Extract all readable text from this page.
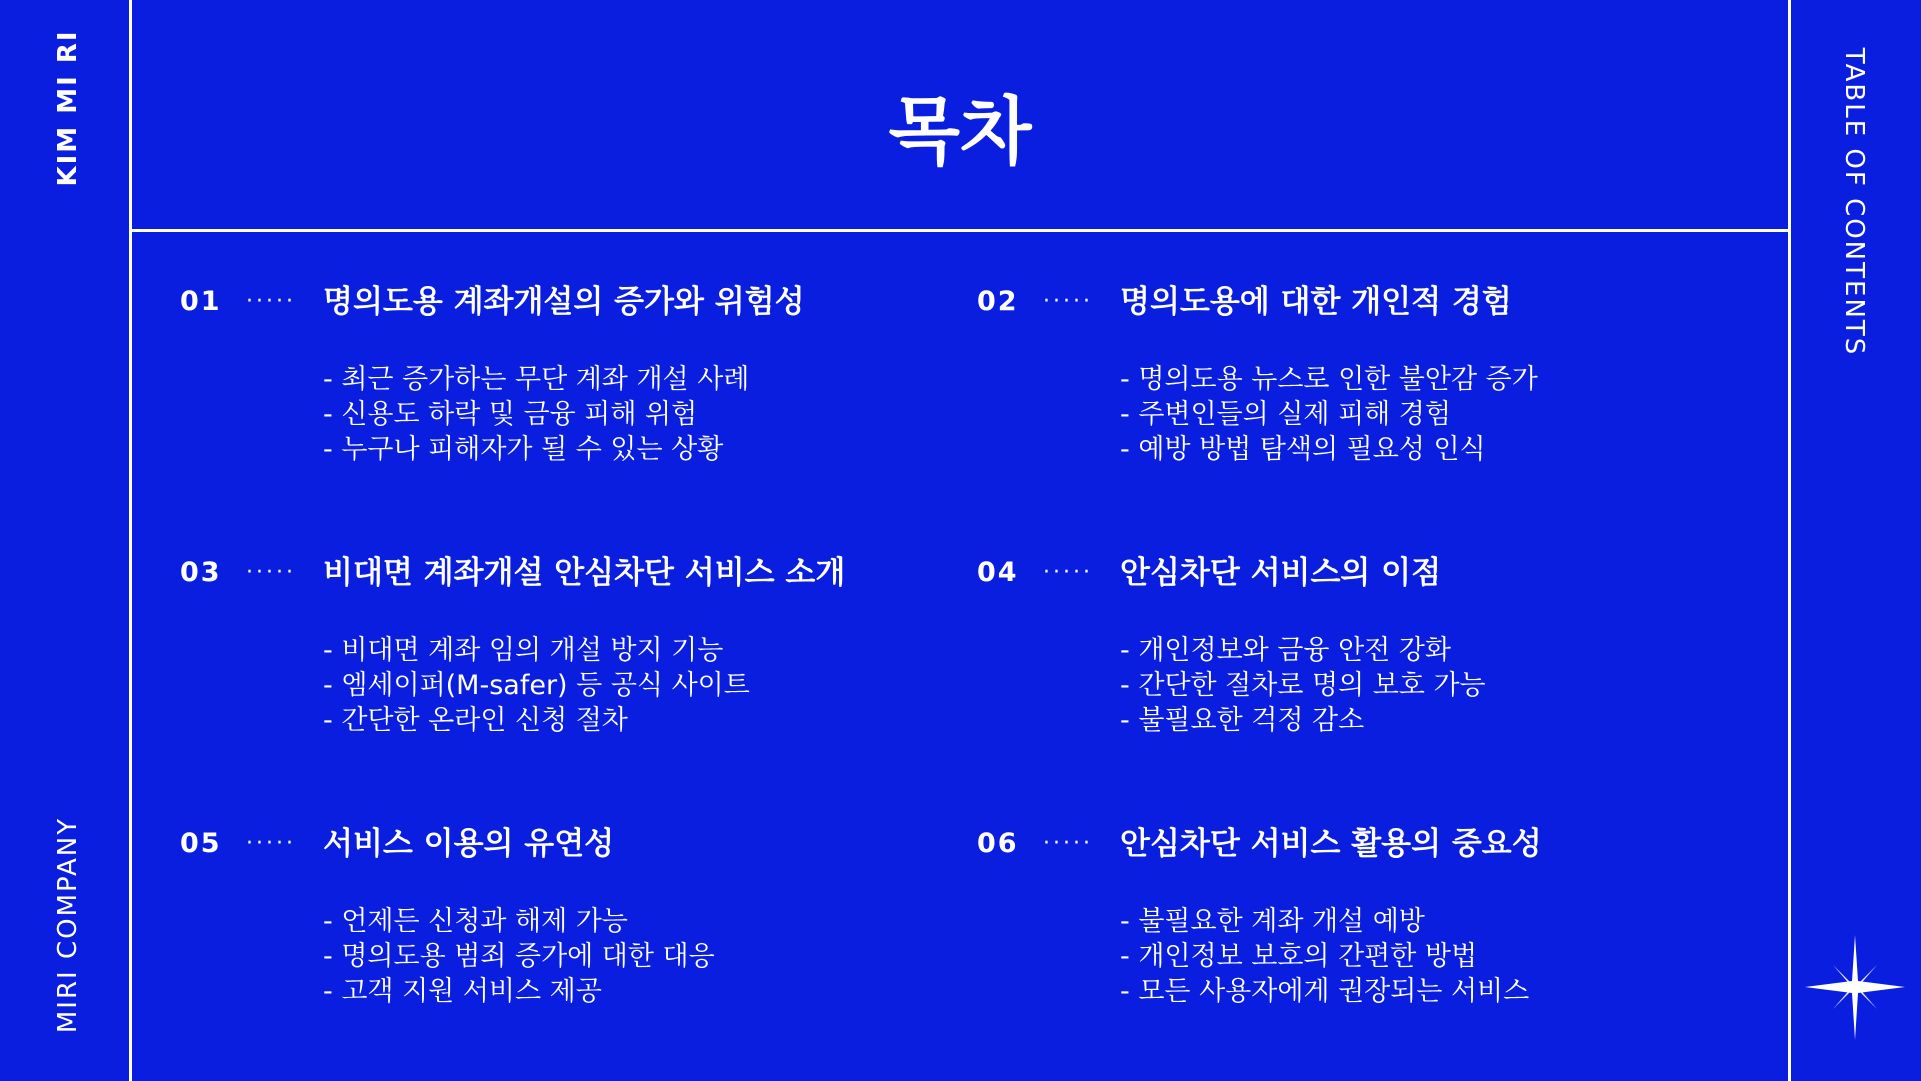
KIM MI RI
MIRI COMPANY
TABLE OF CONTENTS
목차
01 ····· 명의도용 계좌개설의 증가와 위험성
- 최근 증가하는 무단 계좌 개설 사례
- 신용도 하락 및 금융 피해 위험
- 누구나 피해자가 될 수 있는 상황
02 ····· 명의도용에 대한 개인적 경험
- 명의도용 뉴스로 인한 불안감 증가
- 주변인들의 실제 피해 경험
- 예방 방법 탐색의 필요성 인식
03 ····· 비대면 계좌개설 안심차단 서비스 소개
- 비대면 계좌 임의 개설 방지 기능
- 엠세이퍼(M-safer) 등 공식 사이트
- 간단한 온라인 신청 절차
04 ····· 안심차단 서비스의 이점
- 개인정보와 금융 안전 강화
- 간단한 절차로 명의 보호 가능
- 불필요한 걱정 감소
05 ····· 서비스 이용의 유연성
- 언제든 신청과 해제 가능
- 명의도용 범죄 증가에 대한 대응
- 고객 지원 서비스 제공
06 ····· 안심차단 서비스 활용의 중요성
- 불필요한 계좌 개설 예방
- 개인정보 보호의 간편한 방법
- 모든 사용자에게 권장되는 서비스
